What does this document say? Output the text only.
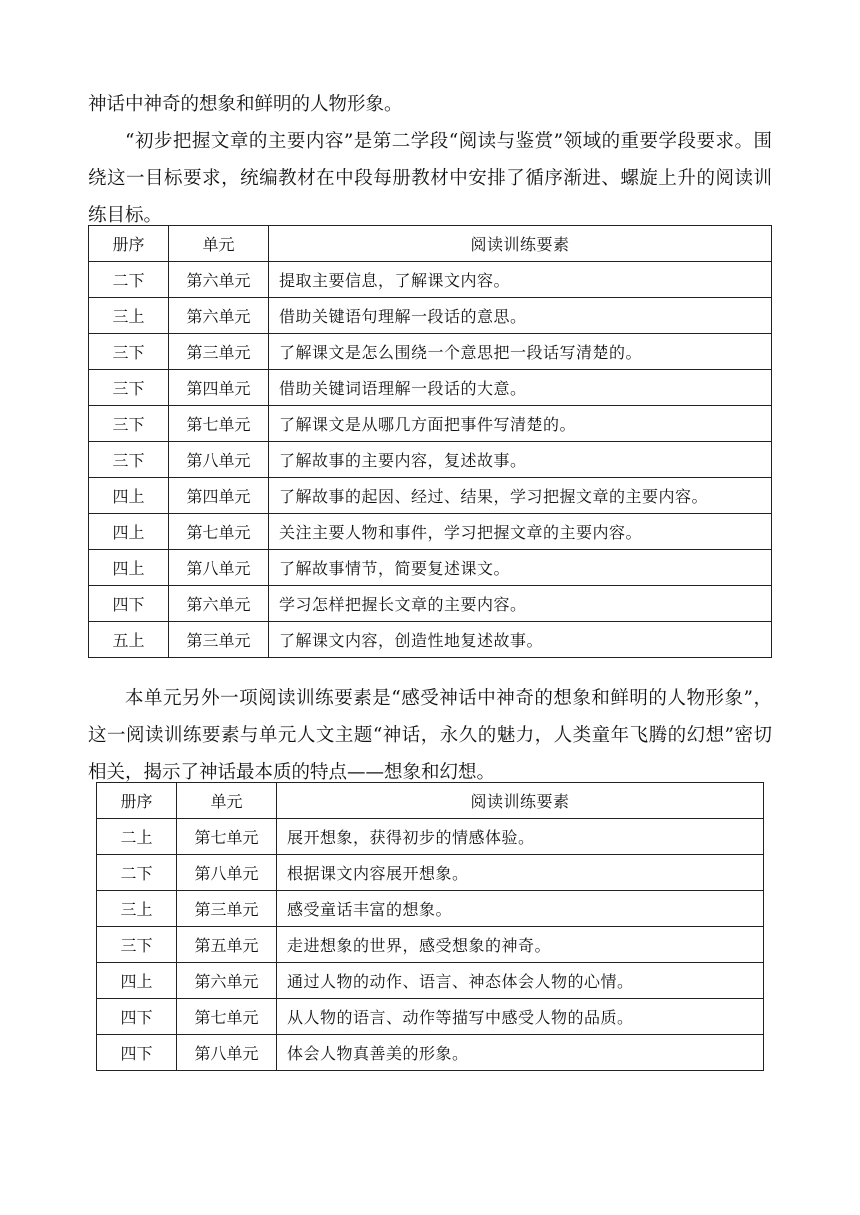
神话中神奇的想象和鲜明的人物形象。

“初步把握文章的主要内容”是第二学段“阅读与鉴赏”领域的重要学段要求。围绕这一目标要求，统编教材在中段每册教材中安排了循序渐进、螺旋上升的阅读训练目标。

册序	单元	阅读训练要素
二下	第六单元	提取主要信息，了解课文内容。
三上	第六单元	借助关键语句理解一段话的意思。
三下	第三单元	了解课文是怎么围绕一个意思把一段话写清楚的。
三下	第四单元	借助关键词语理解一段话的大意。
三下	第七单元	了解课文是从哪几方面把事件写清楚的。
三下	第八单元	了解故事的主要内容，复述故事。
四上	第四单元	了解故事的起因、经过、结果，学习把握文章的主要内容。
四上	第七单元	关注主要人物和事件，学习把握文章的主要内容。
四上	第八单元	了解故事情节，简要复述课文。
四下	第六单元	学习怎样把握长文章的主要内容。
五上	第三单元	了解课文内容，创造性地复述故事。

本单元另外一项阅读训练要素是“感受神话中神奇的想象和鲜明的人物形象”，这一阅读训练要素与单元人文主题“神话，永久的魅力，人类童年飞腾的幻想”密切相关，揭示了神话最本质的特点——想象和幻想。

册序	单元	阅读训练要素
二上	第七单元	展开想象，获得初步的情感体验。
二下	第八单元	根据课文内容展开想象。
三上	第三单元	感受童话丰富的想象。
三下	第五单元	走进想象的世界，感受想象的神奇。
四上	第六单元	通过人物的动作、语言、神态体会人物的心情。
四下	第七单元	从人物的语言、动作等描写中感受人物的品质。
四下	第八单元	体会人物真善美的形象。
